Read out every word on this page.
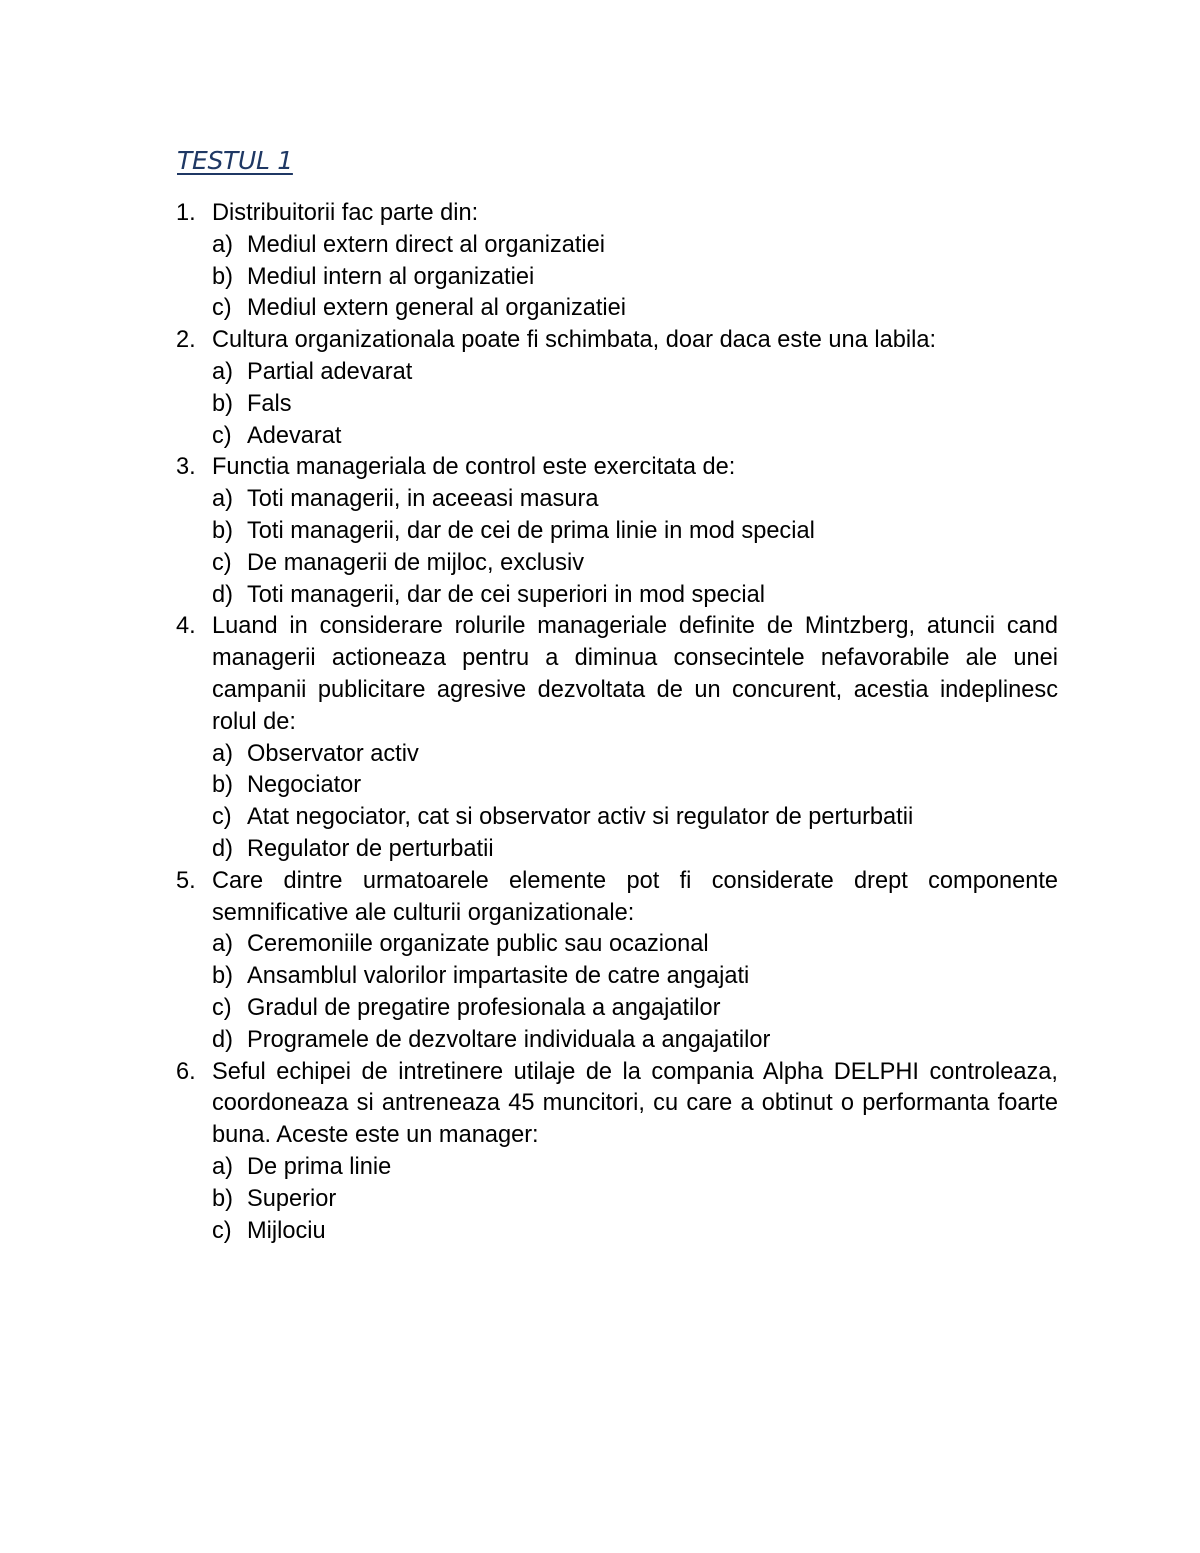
TESTUL 1
1. Distribuitorii fac parte din:
a) Mediul extern direct al organizatiei
b) Mediul intern al organizatiei
c) Mediul extern general al organizatiei
2. Cultura organizationala poate fi schimbata, doar daca este una labila:
a) Partial adevarat
b) Fals
c) Adevarat
3. Functia manageriala de control este exercitata de:
a) Toti managerii, in aceeasi masura
b) Toti managerii, dar de cei de prima linie in mod special
c) De managerii de mijloc, exclusiv
d) Toti managerii, dar de cei superiori in mod special
4. Luand in considerare rolurile manageriale definite de Mintzberg, atuncii cand managerii actioneaza pentru a diminua consecintele nefavorabile ale unei campanii publicitare agresive dezvoltata de un concurent, acestia indeplinesc rolul de:
a) Observator activ
b) Negociator
c) Atat negociator, cat si observator activ si regulator de perturbatii
d) Regulator de perturbatii
5. Care dintre urmatoarele elemente pot fi considerate drept componente semnificative ale culturii organizationale:
a) Ceremoniile organizate public sau ocazional
b) Ansamblul valorilor impartasite de catre angajati
c) Gradul de pregatire profesionala a angajatilor
d) Programele de dezvoltare individuala a angajatilor
6. Seful echipei de intretinere utilaje de la compania Alpha DELPHI controleaza, coordoneaza si antreneaza 45 muncitori, cu care a obtinut o performanta foarte buna. Aceste este un manager:
a) De prima linie
b) Superior
c) Mijlociu
